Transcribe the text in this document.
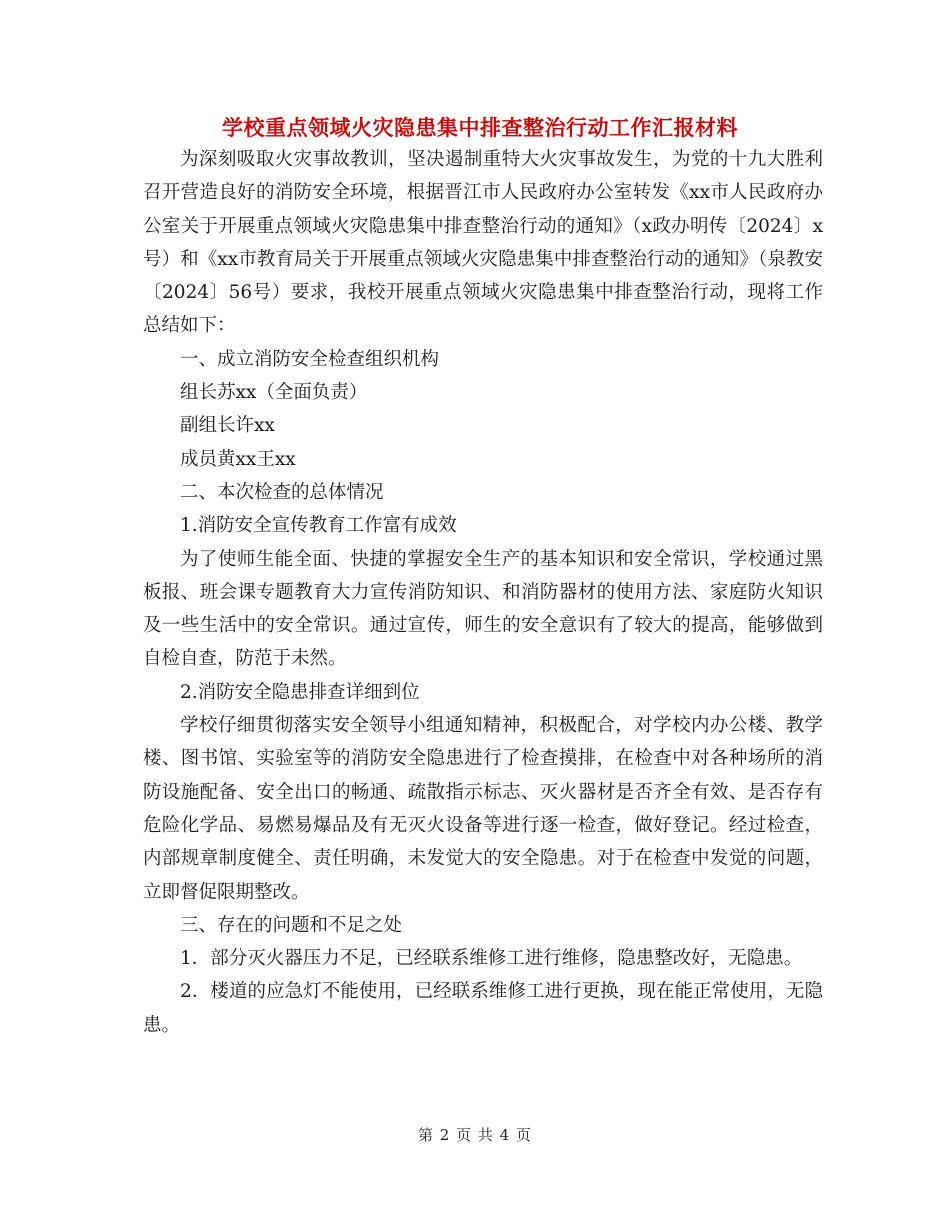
学校重点领域火灾隐患集中排查整治行动工作汇报材料

为深刻吸取火灾事故教训，坚决遏制重特大火灾事故发生，为党的十九大胜利召开营造良好的消防安全环境，根据晋江市人民政府办公室转发《xx市人民政府办公室关于开展重点领域火灾隐患集中排查整治行动的通知》（x政办明传〔2024〕x号）和《xx市教育局关于开展重点领域火灾隐患集中排查整治行动的通知》（泉教安〔2024〕56号）要求，我校开展重点领域火灾隐患集中排查整治行动，现将工作总结如下：

一、成立消防安全检查组织机构

组长苏xx（全面负责）

副组长许xx

成员黄xx王xx

二、本次检查的总体情况

1.消防安全宣传教育工作富有成效

为了使师生能全面、快捷的掌握安全生产的基本知识和安全常识，学校通过黑板报、班会课专题教育大力宣传消防知识、和消防器材的使用方法、家庭防火知识及一些生活中的安全常识。通过宣传，师生的安全意识有了较大的提高，能够做到自检自查，防范于未然。

2.消防安全隐患排查详细到位

学校仔细贯彻落实安全领导小组通知精神，积极配合，对学校内办公楼、教学楼、图书馆、实验室等的消防安全隐患进行了检查摸排，在检查中对各种场所的消防设施配备、安全出口的畅通、疏散指示标志、灭火器材是否齐全有效、是否存有危险化学品、易燃易爆品及有无灭火设备等进行逐一检查，做好登记。经过检查，内部规章制度健全、责任明确，未发觉大的安全隐患。对于在检查中发觉的问题，立即督促限期整改。

三、存在的问题和不足之处

1．部分灭火器压力不足，已经联系维修工进行维修，隐患整改好，无隐患。

2．楼道的应急灯不能使用，已经联系维修工进行更换，现在能正常使用，无隐患。

第 2 页 共 4 页
